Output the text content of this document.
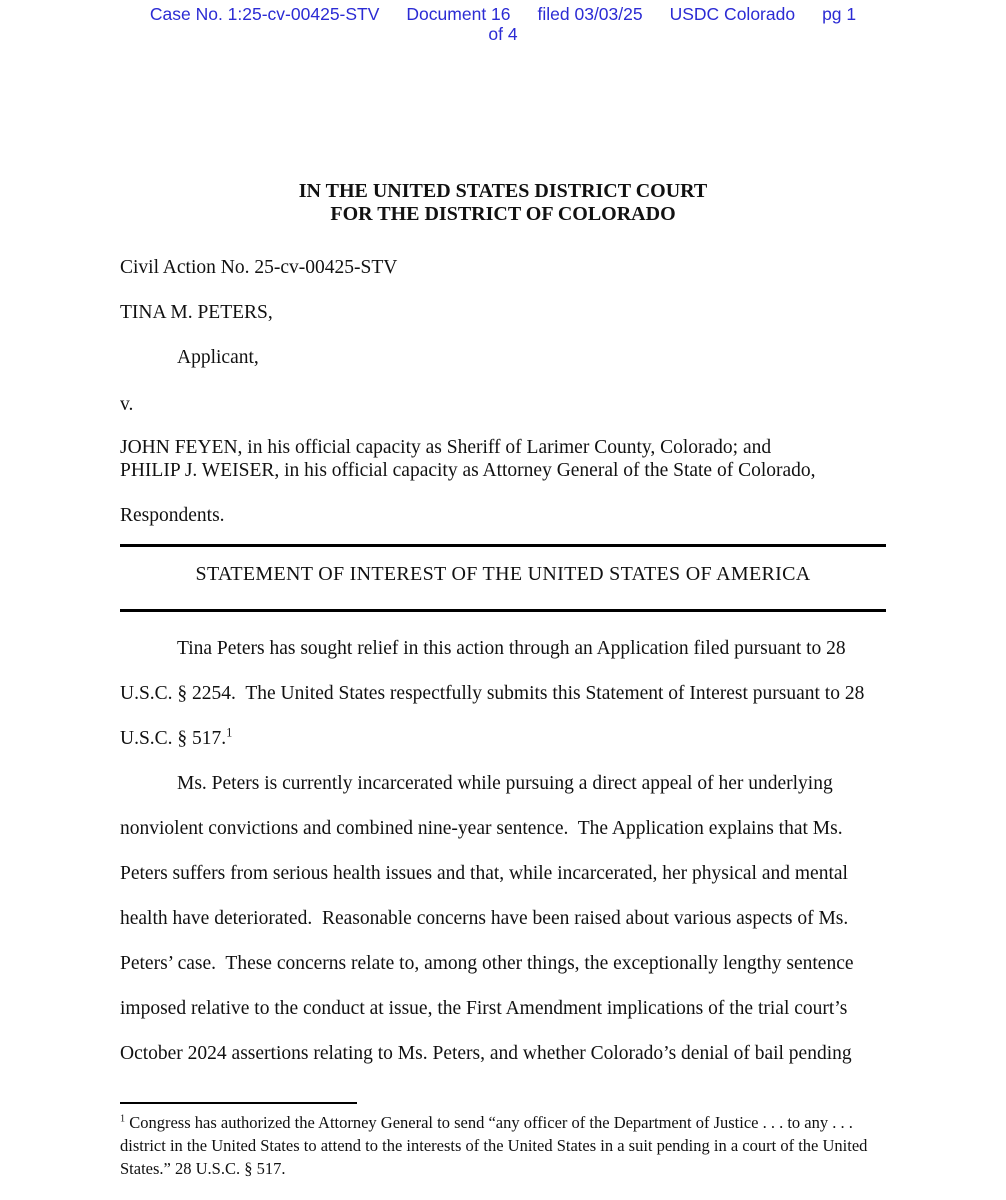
Case No. 1:25-cv-00425-STV Document 16 filed 03/03/25 USDC Colorado pg 1
of 4
IN THE UNITED STATES DISTRICT COURT
FOR THE DISTRICT OF COLORADO

Civil Action No. 25-cv-00425-STV

TINA M. PETERS,

Applicant,

v.

JOHN FEYEN, in his official capacity as Sheriff of Larimer County, Colorado; and

PHILIP J. WEISER, in his official capacity as Attorney General of the State of Colorado,

Respondents.

STATEMENT OF INTEREST OF THE UNITED STATES OF AMERICA

Tina Peters has sought relief in this action through an Application filed pursuant to 28 U.S.C. § 2254.  The United States respectfully submits this Statement of Interest pursuant to 28 U.S.C. § 517.$^1$

Ms. Peters is currently incarcerated while pursuing a direct appeal of her underlying nonviolent convictions and combined nine-year sentence.  The Application explains that Ms. Peters suffers from serious health issues and that, while incarcerated, her physical and mental health have deteriorated.  Reasonable concerns have been raised about various aspects of Ms. Peters’ case.  These concerns relate to, among other things, the exceptionally lengthy sentence imposed relative to the conduct at issue, the First Amendment implications of the trial court’s October 2024 assertions relating to Ms. Peters, and whether Colorado’s denial of bail pending

$^1$ Congress has authorized the Attorney General to send “any officer of the Department of Justice . . . to any . . . district in the United States to attend to the interests of the United States in a suit pending in a court of the United States.” 28 U.S.C. § 517.
